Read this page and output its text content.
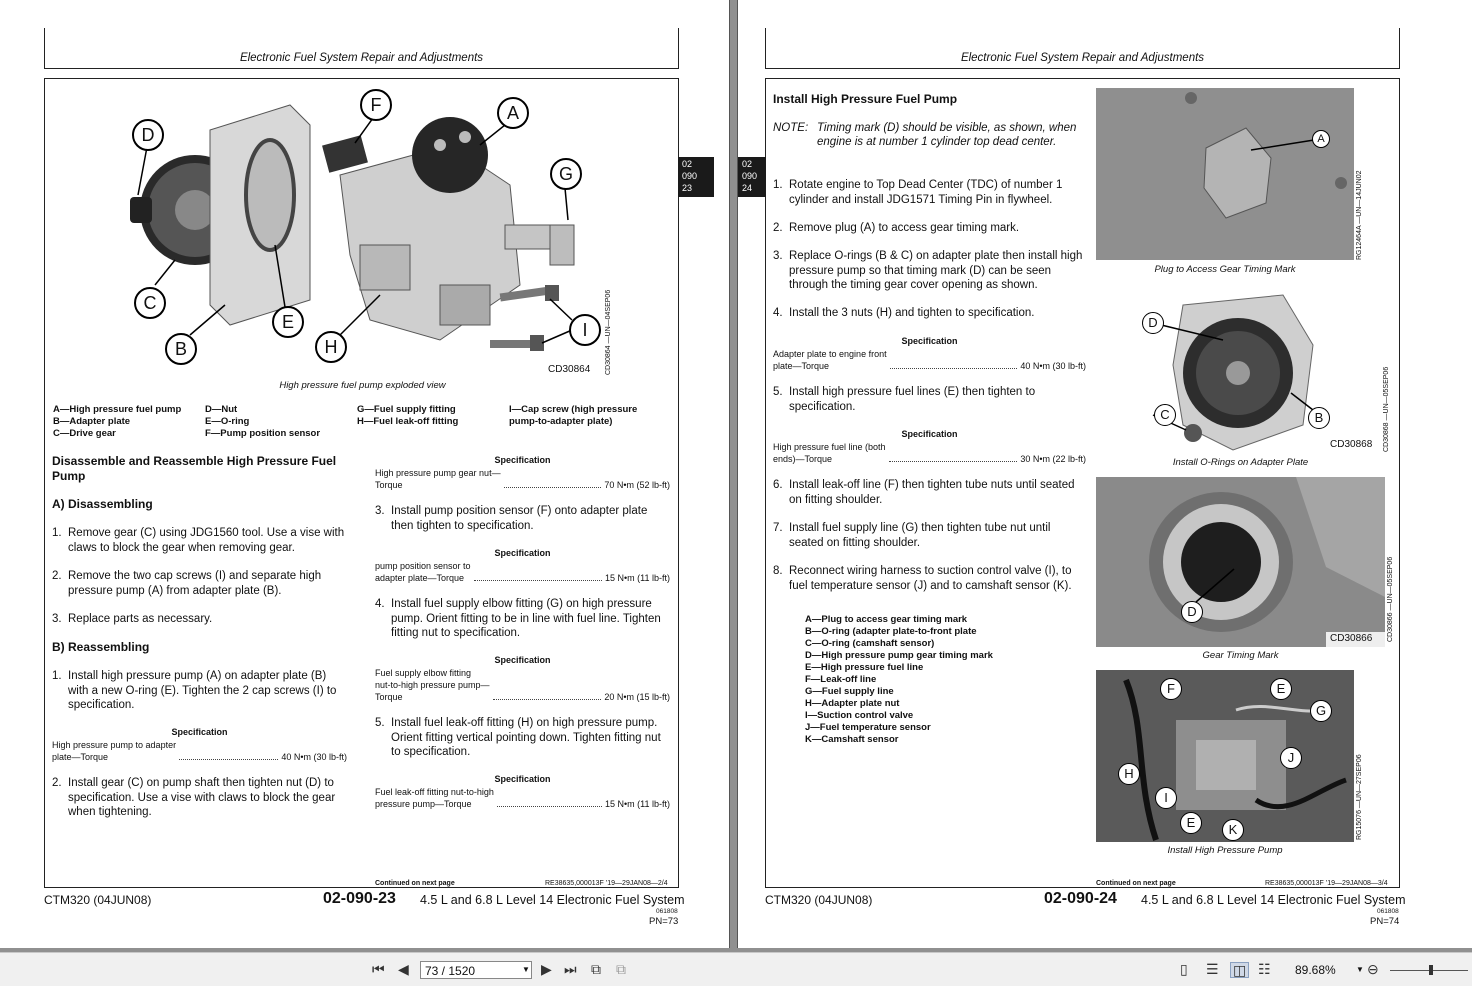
Electronic Fuel System Repair and Adjustments
02
090
23
D
C
B
E
F	A
G
H
I
CD30864 CD30864 —UN—04SEP06
High pressure fuel pump exploded view
A—High pressure fuel pump
B—Adapter plate
C—Drive gear
D—Nut
E—O-ring
F—Pump position sensor
G—Fuel supply fitting
H—Fuel leak-off fitting
I—Cap screw (high pressure pump-to-adapter plate)
Disassemble and Reassemble High Pressure Fuel Pump
A) Disassembling
1. Remove gear (C) using JDG1560 tool. Use a vise with claws to block the gear when removing gear.
2. Remove the two cap screws (I) and separate high pressure pump (A) from adapter plate (B).
3. Replace parts as necessary.
B) Reassembling
1. Install high pressure pump (A) on adapter plate (B) with a new O-ring (E). Tighten the 2 cap screws (I) to specification.
Specification
High pressure pump to adapter
plate—Torque	40 N•m (30 lb-ft)
2. Install gear (C) on pump shaft then tighten nut (D) to specification. Use a vise with claws to block the gear when tightening.
Specification
High pressure pump gear nut—
Torque	70 N•m (52 lb-ft)
3. Install pump position sensor (F) onto adapter plate then tighten to specification.
Specification
pump position sensor to
adapter plate—Torque	15 N•m (11 lb-ft)
4. Install fuel supply elbow fitting (G) on high pressure pump. Orient fitting to be in line with fuel line. Tighten fitting nut to specification.
Specification
Fuel supply elbow fitting
nut-to-high pressure pump—
Torque	20 N•m (15 lb-ft)
5. Install fuel leak-off fitting (H) on high pressure pump. Orient fitting vertical pointing down. Tighten fitting nut to specification.
Specification
Fuel leak-off fitting nut-to-high
pressure pump—Torque	15 N•m (11 lb-ft)
Continued on next page	RE38635,000013F ’19—29JAN08—2/4
CTM320 (04JUN08)	02-090-23 4.5 L and 6.8 L Level 14 Electronic Fuel System
061808
PN=73
Electronic Fuel System Repair and Adjustments
02
090
24
Install High Pressure Fuel Pump
NOTE: Timing mark (D) should be visible, as shown, when engine is at number 1 cylinder top dead center.
1. Rotate engine to Top Dead Center (TDC) of number 1 cylinder and install JDG1571 Timing Pin in flywheel.
2. Remove plug (A) to access gear timing mark.
3. Replace O-rings (B & C) on adapter plate then install high pressure pump so that timing mark (D) can be seen through the timing gear cover opening as shown.
4. Install the 3 nuts (H) and tighten to specification.
Specification
Adapter plate to engine front
plate—Torque	40 N•m (30 lb-ft)
5. Install high pressure fuel lines (E) then tighten to specification.
Specification
High pressure fuel line (both
ends)—Torque	30 N•m (22 lb-ft)
6. Install leak-off line (F) then tighten tube nuts until seated on fitting shoulder.
7. Install fuel supply line (G) then tighten tube nut until seated on fitting shoulder.
8. Reconnect wiring harness to suction control valve (I), to fuel temperature sensor (J) and to camshaft sensor (K).
A—Plug to access gear timing mark
B—O-ring (adapter plate-to-front plate
C—O-ring (camshaft sensor)
D—High pressure pump gear timing mark
E—High pressure fuel line
F—Leak-off line
G—Fuel supply line
H—Adapter plate nut
I—Suction control valve
J—Fuel temperature sensor
K—Camshaft sensor
A
RG12464A —UN—14JUN02
Plug to Access Gear Timing Mark
D
C	B
CD30868 CD30868 —UN—05SEP06
Install O-Rings on Adapter Plate
D
CD30866 CD30866 —UN—05SEP06
Gear Timing Mark
F	E
G
H
J
I
E	K	RG15076 —UN—27SEP06
Install High Pressure Pump
Continued on next page	RE38635,000013F ’19—29JAN08—3/4
CTM320 (04JUN08)	02-090-24 4.5 L and 6.8 L Level 14 Electronic Fuel System
061808
PN=74
⏮ ◀	73 / 1520	▼ ▶ ⏭ ⧉ ⧉	▯ ☰ ◫ ☷ 89.68%	▼ ⊖
